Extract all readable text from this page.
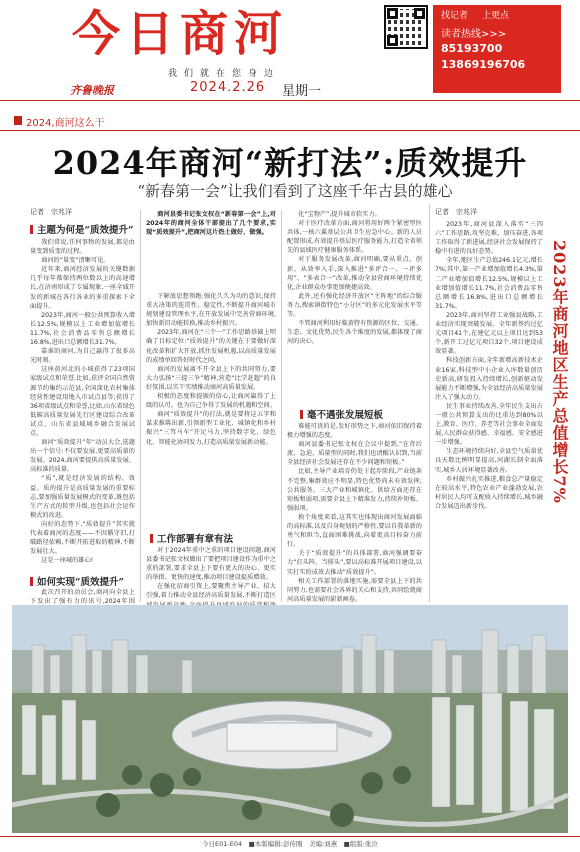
今日商河
我们就在您身边
齐鲁晚报	2024.2.26 星期一
找记者 上更点
读者热线>>>
85193700
13869196706
2024,商河这么干
2024年商河“新打法”:质效提升
“新春第一会”让我们看到了这座千年古县的雄心
记者　宗兆洋	记者　宗兆洋
主题为何是“质效提升”

我们常说,任何事物的发展,都是由量变到质变的过程。

商河的“量变”清晰可见。

近年来,商河经济发展的关键数据几乎每年都保持两位数以上的高速增长,在济南形成了专属现象,一座全域开发的新城在各行各业的多重探索下全面提升。

2023年,商河一般公共预算收入增长12.5%,规模以上工业增加值增长11.7%,社会消费品零售总额增长16.8%,进出口总额增长31.7%。

靠谁的商河,为自己赢得了很多高光时刻。

这座黄河北的小城获得了23项国家级试点和荣誉,比如,获评全国自然资源节约集约示范县,全国深化农村集体经营性建设用地入市试点县等;获得了36项省级试点和荣誉,比如,山东省绿色低碳高质量发展先行区建设综合改革试点、山东省县域城乡融合发展试点。

商河“质效提升”年“动员大会,选题出一个信号:不仅要发展,更要高质量的发展。2024,商河要提供高质量发展、高标准的质量,

“质”,就是经济发展的结构、效益。质的提升是高质量发展的重要标志,要加强质量发展模式的变革,既包括生产方式的转型升级,也包括社会运作模式的改进。

向好的态势下,“质效提升”其实就代表着商河的态度——不因循守旧,打破路径依赖,不断开拓进取的精神,不断发展壮大。

这是一座城的雄心!

如何实现“质效提升”

此次召开的动员会,商河向全县上下发出了强有力的讯号,2024年围

商河县委书记张文权在“新春第一会”上,对2024年的商河全体干部提出了几个要求,实现“质效提升”,把商河这片热土做好、做强。

下解放思想领跑:强化久久为功的意识,保持重大决策的连贯性、稳定性,不断提升商河城市规划建设管理水平,在开放发展中完善营商环境,加快新旧动能转换,推动乡村振兴。

2023年,商河在“三个一”工作思路基础上明确了目标定位:“质效提升”的关键在于要做好深化改革和扩大开放,抓住发展机遇,以高质量发展的成绩单回答好时代之问。

商河的发展离不开全县上下的共同努力,要大力弘扬“三提三争”精神,营造“比学赶超”的良好氛围,以实干实绩推动商河高质量发展。

积极的态度和提振的信心,让商河赢得了上级的认可。也为自己争得了发展的机遇和空间。

商河“质效提升”的打法,就是要将这五字和谋求推陈出新,引领新型工业化、城镇化和乡村振兴“三驾马车”开足马力,坚持数字化、绿色化、智能化协同发力,打造高质量发展新动能。

工作部署有章有法

对于2024年重中之重的项目建设问题,商河县委书记张文权做出了要把项目建设作为重中之重的部署,要求全县上下要有更大的决心、更实的举措、更快的速度,推动项目建设提质增效。

在强化招商引资上,要聚焦主导产业、招大引强,着力推动全县经济高质量发展,不断打造区

化“宝物产”,提升城市软实力。

对于医疗改革方面,商河将用好两个紧密型医共体,一核六翼基层公共卫生应急中心。新的人员配置形成,有效提升基层医疗服务能力,打造全省领先的县域医疗健康服务体系。

对于服务发展改革,商河明确,要从重点、创新、从效率入手,深入推进“多评合一、一评多用”、“多表合一”改革,推动全县营商环境持续优化,企业群众办事更加便捷高效。

此外,还有强化经济开放区“主阵地”的综合服务力,搜索镇街特色“小分区”的多元化发展水平等等。

不管商河利用好临黄特有资源的区位、交通、生态、文化优势,民生各个维度的发展,都体现了商河的决心。

毫不遇张发展短板

难能可贵的是,发好形势之下,商河依旧保持着极力增强的态度。

商河县委书记张文权在会议中提到,“在背后流、急迫、质量型的同时,我们也清醒认识到,当前全县经济社会发展还存在不少问题和短板。”

比如,主导产业培育仍处于起步阶段,产业链条不完整,集群效应不明显,特色优势尚未有效发挥;公共服务、三大产业和城镇化、供给方面还存在短板和弱项,需要全县上下精准发力,持续补短板、强弱项。

换个角度来看,这其实也体现出商河发展面临的高标准,以及自身规划的严格性,要以自我革新的勇气和担当,直面困难挑战,向着更高目标奋力前行。

关于“质效提升”的具体部署,商河强调要奋力“打头阵、当排头”,要以高标准开展项目建设,以实打实的成效去推动“质效提升”。

相关工作部署的落地实施,需要全县上下的共同努力,也需要社会各界的关心和支持,共同绘就商河高质量发展的崭新画卷。

2023年,商河县深入落实“三四六”工作思路,攻坚克难、加压奋进,各项工作取得了新进展,经济社会发展保持了稳中有进的良好态势。

全年,地区生产总值246.1亿元,增长7%;其中,第一产业增加值增长4.3%,第二产业增加值增长12.5%,规模以上工业增加值增长11.7%,社会消费品零售总额增长16.8%,进出口总额增长31.7%。

2023年,商河坚持工业强县战略,工业经济实现突破发展。全年新签约过亿元项目41个,在建亿元以上项目达到53个,新开工过亿元项目32个,项目建设成效显著。

科技创新方面,全年新增高新技术企业16家,科技型中小企业入库数量创历史新高,研发投入持续增长,创新驱动发展能力不断增强,为全县经济高质量发展注入了强大动力。

民生事业持续改善,全年民生支出占一般公共预算支出的比重达到80%以上,教育、医疗、养老等社会事业全面发展,人民群众获得感、幸福感、安全感进一步增强。

生态环境持续向好,全县空气质量优良天数比例明显提高,河湖长制全面落实,城乡人居环境显著改善。

乡村振兴扎实推进,粮食总产量稳定在较高水平,特色农业产业蓬勃发展,农村居民人均可支配收入持续增长,城乡融合发展迈出新步伐。

2023年商河地区生产总值增长7%
今日E01-E04　■本版编辑:彭传刚　美编:刘燕　■组版:张泣
